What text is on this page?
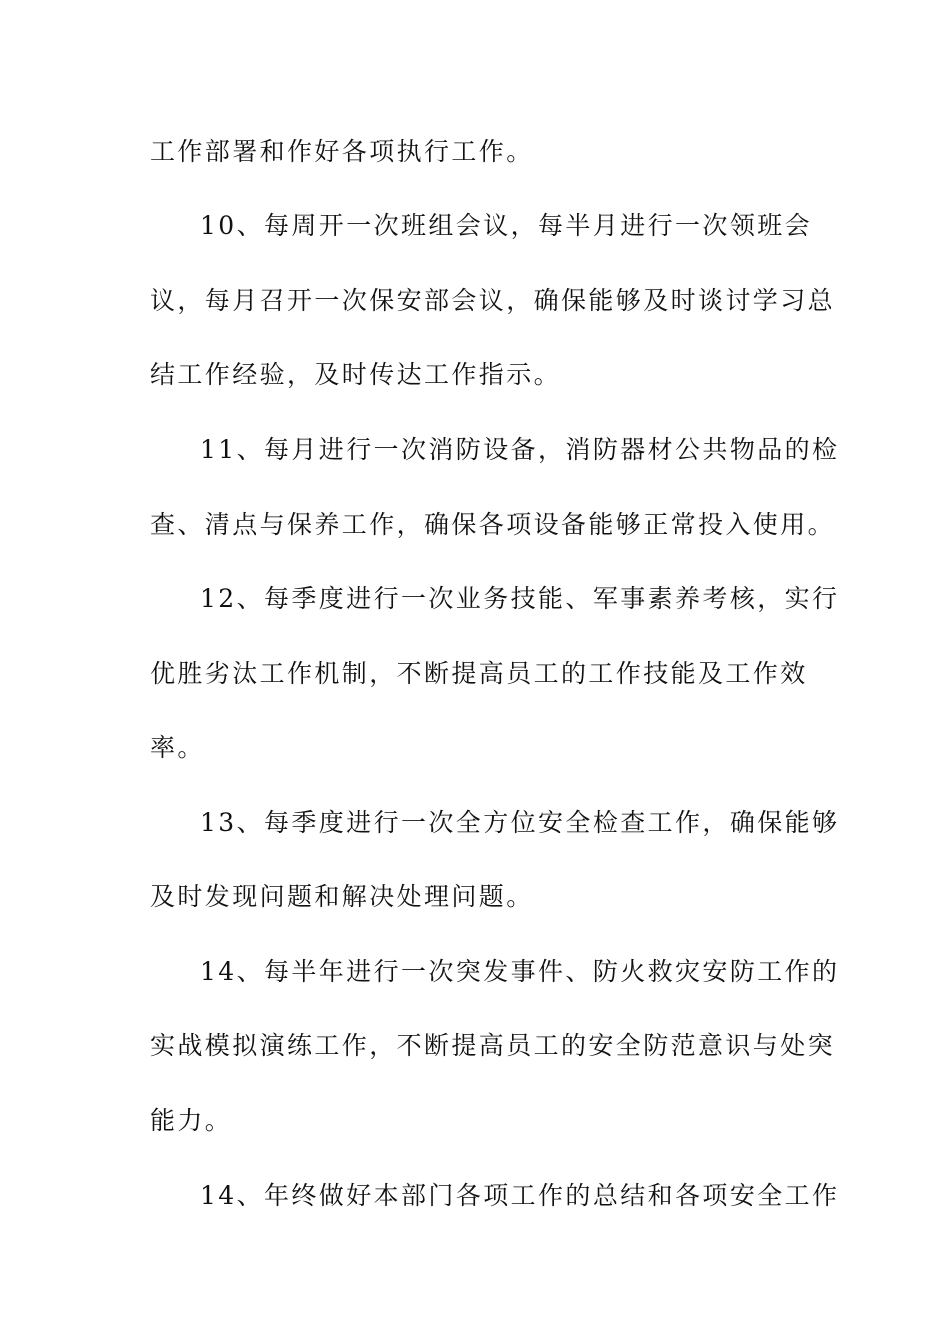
工作部署和作好各项执行工作。
10、每周开一次班组会议，每半月进行一次领班会
议，每月召开一次保安部会议，确保能够及时谈讨学习总
结工作经验，及时传达工作指示。
11、每月进行一次消防设备，消防器材公共物品的检
查、清点与保养工作，确保各项设备能够正常投入使用。
12、每季度进行一次业务技能、军事素养考核，实行
优胜劣汰工作机制，不断提高员工的工作技能及工作效
率。
13、每季度进行一次全方位安全检查工作，确保能够
及时发现问题和解决处理问题。
14、每半年进行一次突发事件、防火救灾安防工作的
实战模拟演练工作，不断提高员工的安全防范意识与处突
能力。
14、年终做好本部门各项工作的总结和各项安全工作
